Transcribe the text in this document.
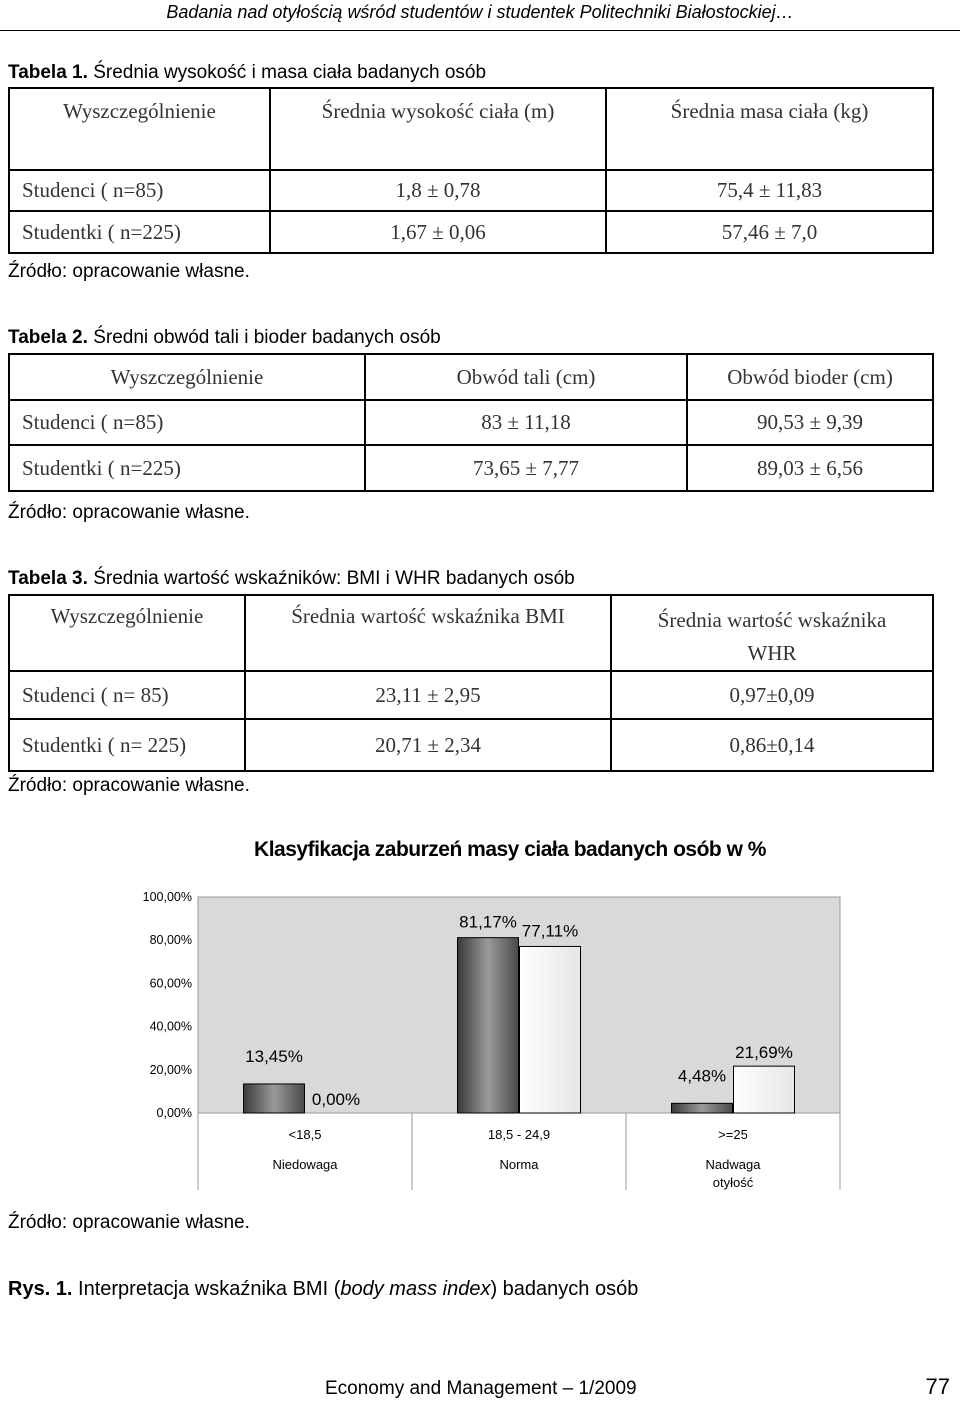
Badania nad otyłością wśród studentów i studentek Politechniki Białostockiej…
Tabela 1. Średnia wysokość i masa ciała badanych osób
Wyszczególnienie	Średnia wysokość ciała (m)	Średnia masa ciała (kg)
Studenci ( n=85)	1,8 ± 0,78	75,4 ± 11,83
Studentki ( n=225)	1,67 ± 0,06	57,46 ± 7,0
Źródło: opracowanie własne.
Tabela 2. Średni obwód tali i bioder badanych osób
Wyszczególnienie	Obwód tali (cm)	Obwód bioder (cm)
Studenci ( n=85)	83 ± 11,18	90,53 ± 9,39
Studentki ( n=225)	73,65 ± 7,77	89,03 ± 6,56
Źródło: opracowanie własne.
Tabela 3. Średnia wartość wskaźników: BMI i WHR badanych osób
Wyszczególnienie	Średnia wartość wskaźnika BMI	Średnia wartość wskaźnika WHR
Studenci ( n= 85)	23,11 ± 2,95	0,97±0,09
Studentki ( n= 225)	20,71 ± 2,34	0,86±0,14
Źródło: opracowanie własne.
Klasyfikacja zaburzeń masy ciała badanych osób w %
0,00%
20,00%
40,00%
60,00%
80,00%
100,00%
13,45%
0,00%
<18,5
Niedowaga
81,17% 77,11%
18,5 - 24,9
Norma
4,48%
21,69%
>=25
Nadwaga
otyłość
Źródło: opracowanie własne.
Rys. 1. Interpretacja wskaźnika BMI (body mass index) badanych osób
Economy and Management – 1/2009	77
